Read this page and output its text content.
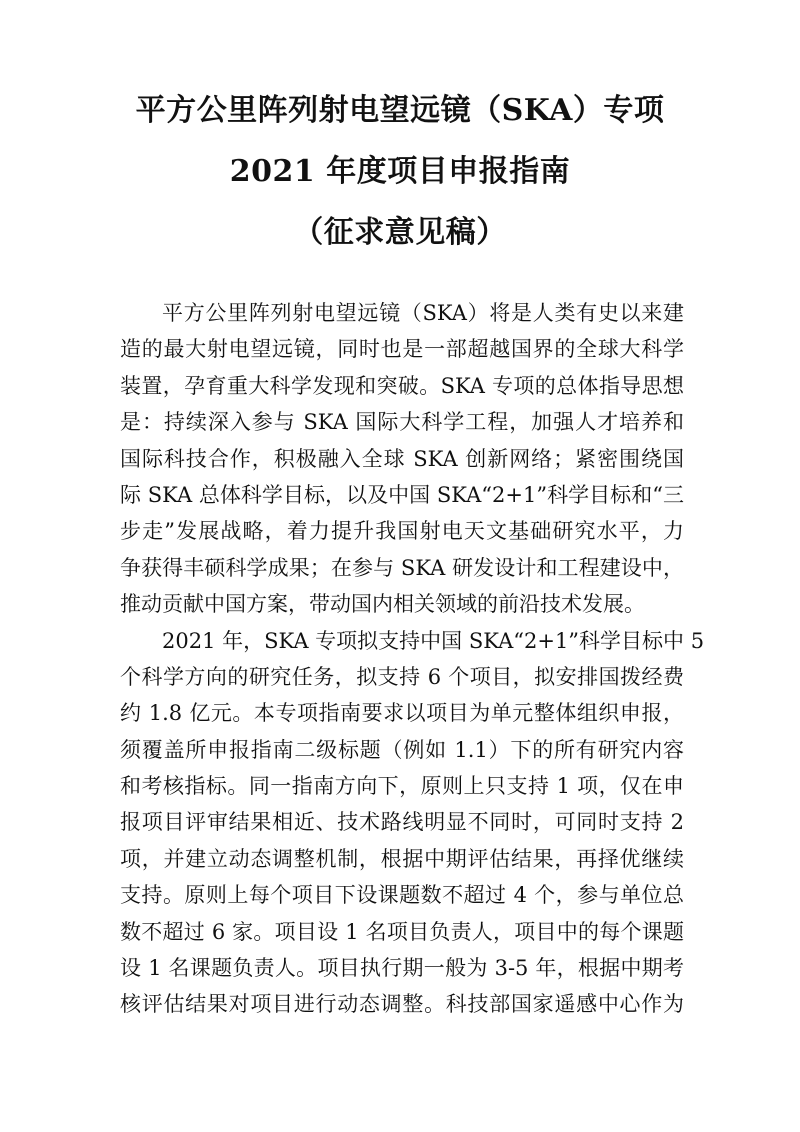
平方公里阵列射电望远镜（SKA）专项
2021 年度项目申报指南
（征求意见稿）
平方公里阵列射电望远镜（SKA）将是人类有史以来建
造的最大射电望远镜，同时也是一部超越国界的全球大科学
装置，孕育重大科学发现和突破。SKA 专项的总体指导思想
是：持续深入参与 SKA 国际大科学工程，加强人才培养和
国际科技合作，积极融入全球 SKA 创新网络；紧密围绕国
际 SKA 总体科学目标，以及中国 SKA“2+1”科学目标和“三
步走”发展战略，着力提升我国射电天文基础研究水平，力
争获得丰硕科学成果；在参与 SKA 研发设计和工程建设中，
推动贡献中国方案，带动国内相关领域的前沿技术发展。
2021 年，SKA 专项拟支持中国 SKA“2+1”科学目标中 5
个科学方向的研究任务，拟支持 6 个项目，拟安排国拨经费
约 1.8 亿元。本专项指南要求以项目为单元整体组织申报，
须覆盖所申报指南二级标题（例如 1.1）下的所有研究内容
和考核指标。同一指南方向下，原则上只支持 1 项，仅在申
报项目评审结果相近、技术路线明显不同时，可同时支持 2
项，并建立动态调整机制，根据中期评估结果，再择优继续
支持。原则上每个项目下设课题数不超过 4 个，参与单位总
数不超过 6 家。项目设 1 名项目负责人，项目中的每个课题
设 1 名课题负责人。项目执行期一般为 3-5 年，根据中期考
核评估结果对项目进行动态调整。科技部国家遥感中心作为
